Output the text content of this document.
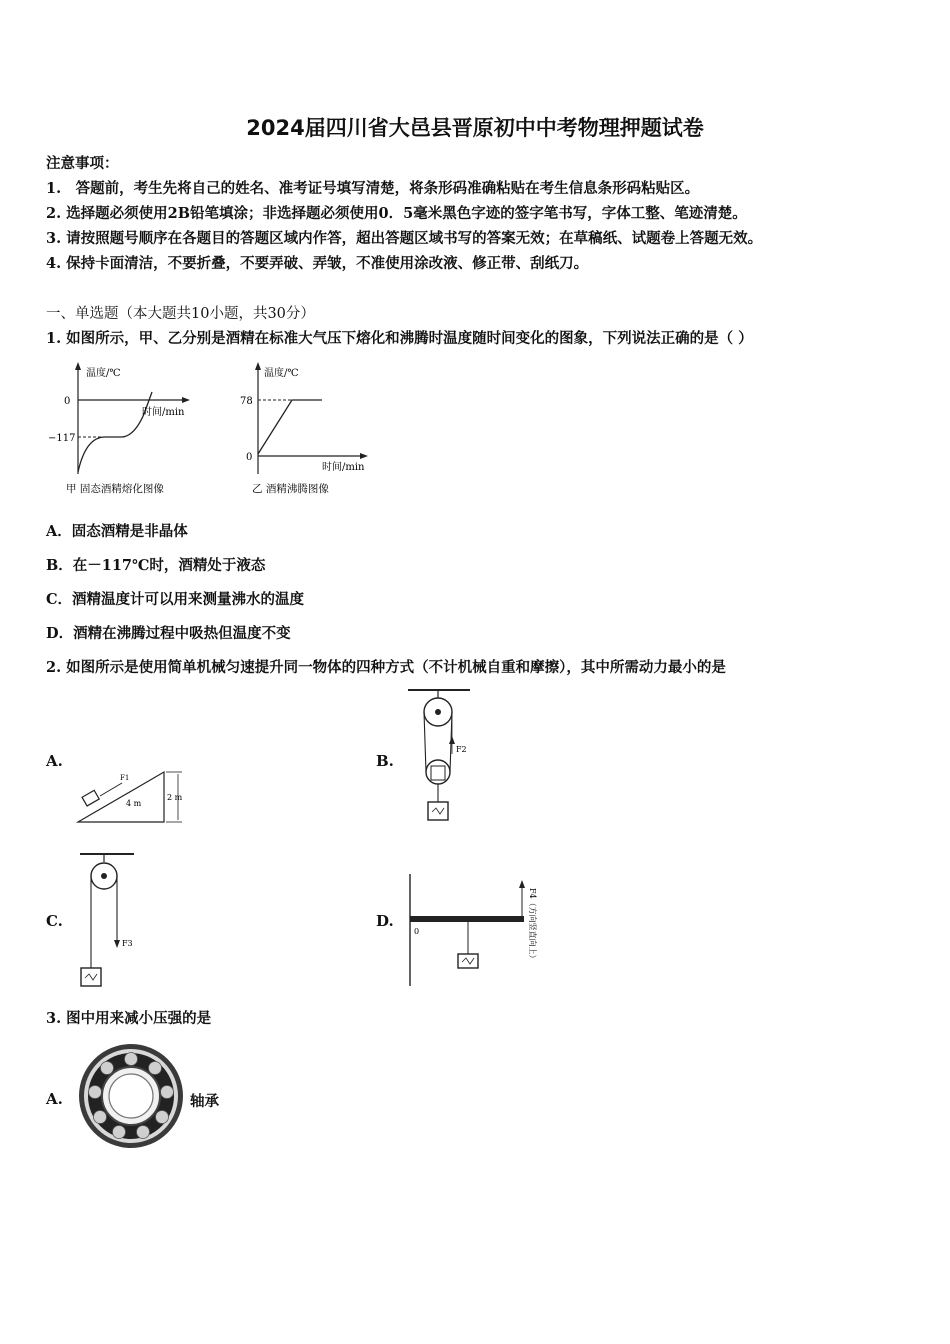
2024届四川省大邑县晋原初中中考物理押题试卷
注意事项：
1.　答题前，考生先将自己的姓名、准考证号填写清楚，将条形码准确粘贴在考生信息条形码粘贴区。
2. 选择题必须使用2B铅笔填涂；非选择题必须使用0．5毫米黑色字迹的签字笔书写，字体工整、笔迹清楚。
3. 请按照题号顺序在各题目的答题区域内作答，超出答题区域书写的答案无效；在草稿纸、试题卷上答题无效。
4. 保持卡面清洁，不要折叠，不要弄破、弄皱，不准使用涂改液、修正带、刮纸刀。
一、单选题（本大题共10小题，共30分）
1. 如图所示，甲、乙分别是酒精在标准大气压下熔化和沸腾时温度随时间变化的图象，下列说法正确的是（ ）
温度/℃
时间/min
0
−117
甲 固态酒精熔化图像
温度/℃
时间/min
78
0
乙 酒精沸腾图像
A．固态酒精是非晶体
B．在－117℃时，酒精处于液态
C．酒精温度计可以用来测量沸水的温度
D．酒精在沸腾过程中吸热但温度不变
2. 如图所示是使用简单机械匀速提升同一物体的四种方式（不计机械自重和摩擦），其中所需动力最小的是
A.
4 m
2 m
F1
B.
F2
C.
F3
D.
0	F4（方向竖直向上）
3. 图中用来减小压强的是
A.	轴承
